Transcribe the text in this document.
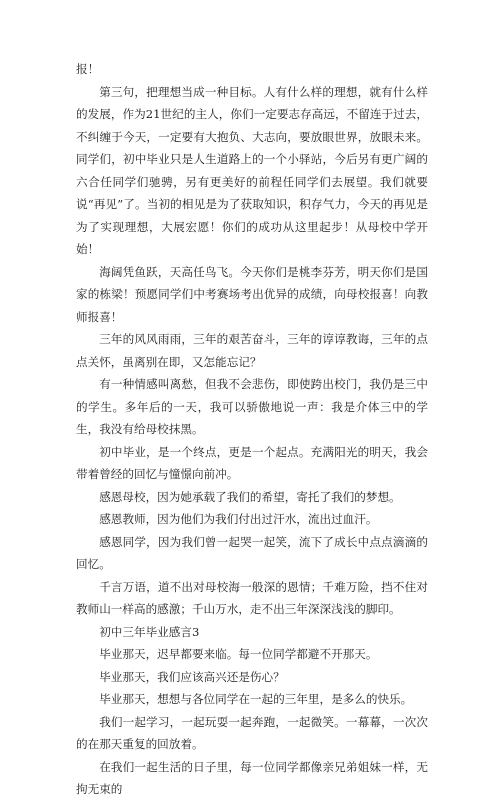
报！

第三句，把理想当成一种目标。人有什么样的理想，就有什么样的发展，作为21世纪的主人，你们一定要志存高远，不留连于过去，不纠缠于今天，一定要有大抱负、大志向，要放眼世界，放眼未来。同学们，初中毕业只是人生道路上的一个小驿站，今后另有更广阔的六合任同学们驰骋，另有更美好的前程任同学们去展望。我们就要说“再见”了。当初的相见是为了获取知识，积存气力，今天的再见是为了实现理想，大展宏愿！你们的成功从这里起步！从母校中学开始！

海阔凭鱼跃，天高任鸟飞。今天你们是桃李芬芳，明天你们是国家的栋梁！预愿同学们中考赛场考出优异的成绩，向母校报喜！向教师报喜！

三年的风风雨雨，三年的艰苦奋斗，三年的谆谆教诲，三年的点点关怀，虽离别在即，又怎能忘记？

有一种情感叫离愁，但我不会悲伤，即使跨出校门，我仍是三中的学生。多年后的一天，我可以骄傲地说一声：我是介体三中的学生，我没有给母校抹黑。

初中毕业，是一个终点，更是一个起点。充满阳光的明天，我会带着曾经的回忆与憧憬向前冲。

感恩母校，因为她承载了我们的希望，寄托了我们的梦想。

感恩教师，因为他们为我们付出过汗水，流出过血汗。

感恩同学，因为我们曾一起哭一起笑，流下了成长中点点滴滴的回忆。

千言万语，道不出对母校海一般深的恩情；千难万险，挡不住对教师山一样高的感激；千山万水，走不出三年深深浅浅的脚印。

初中三年毕业感言3

毕业那天，迟早都要来临。每一位同学都避不开那天。

毕业那天，我们应该高兴还是伤心？

毕业那天，想想与各位同学在一起的三年里，是多么的快乐。

我们一起学习，一起玩耍一起奔跑，一起微笑。一幕幕，一次次的在那天重复的回放着。

在我们一起生活的日子里，每一位同学都像亲兄弟姐妹一样，无拘无束的
